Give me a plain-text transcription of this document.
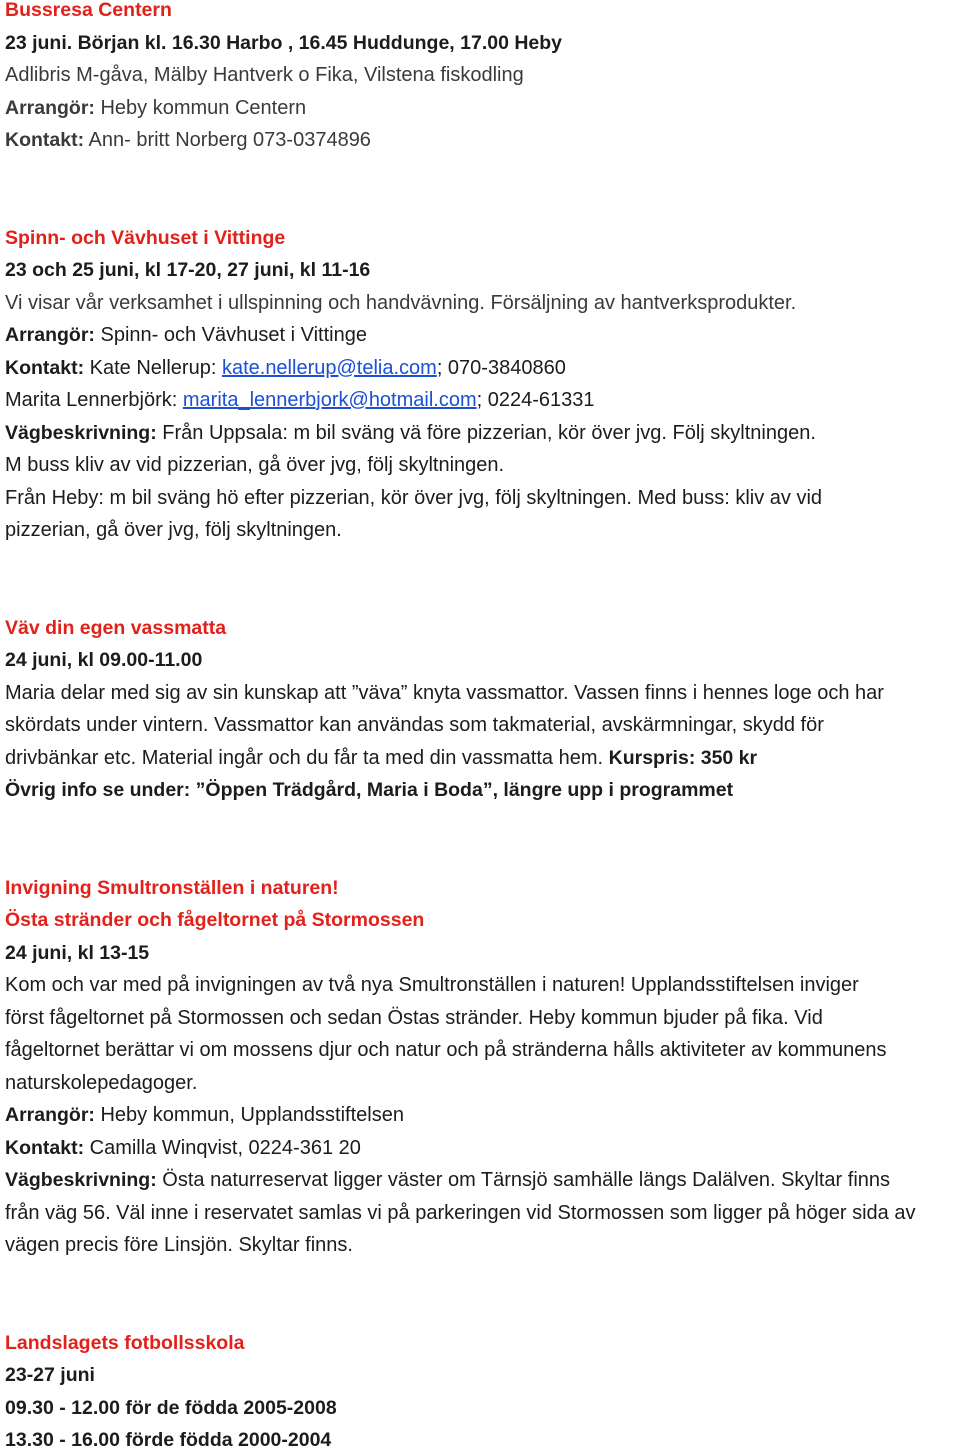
Bussresa Centern
23 juni. Början kl. 16.30 Harbo , 16.45 Huddunge, 17.00 Heby
Adlibris M-gåva, Mälby Hantverk o Fika, Vilstena fiskodling
Arrangör: Heby kommun Centern
Kontakt: Ann- britt Norberg 073-0374896
Spinn- och Vävhuset i Vittinge
23 och 25 juni, kl 17-20, 27 juni, kl 11-16
Vi visar vår verksamhet i ullspinning och handvävning. Försäljning av hantverksprodukter.
Arrangör: Spinn- och Vävhuset i Vittinge
Kontakt: Kate Nellerup: kate.nellerup@telia.com; 070-3840860
Marita Lennerbjörk: marita_lennerbjork@hotmail.com; 0224-61331
Vägbeskrivning: Från Uppsala: m bil sväng vä före pizzerian, kör över jvg. Följ skyltningen.
M buss kliv av vid pizzerian, gå över jvg, följ skyltningen.
Från Heby: m bil sväng hö efter pizzerian, kör över jvg, följ skyltningen. Med buss: kliv av vid
pizzerian, gå över jvg, följ skyltningen.
Väv din egen vassmatta
24 juni, kl 09.00-11.00
Maria delar med sig av sin kunskap att ”väva” knyta vassmattor. Vassen finns i hennes loge och har
skördats under vintern. Vassmattor kan användas som takmaterial, avskärmningar, skydd för
drivbänkar etc. Material ingår och du får ta med din vassmatta hem. Kurspris: 350 kr
Övrig info se under: ”Öppen Trädgård, Maria i Boda”, längre upp i programmet
Invigning Smultronställen i naturen!
Östa stränder och fågeltornet på Stormossen
24 juni, kl 13-15
Kom och var med på invigningen av två nya Smultronställen i naturen! Upplandsstiftelsen inviger
först fågeltornet på Stormossen och sedan Östas stränder. Heby kommun bjuder på fika. Vid
fågeltornet berättar vi om mossens djur och natur och på stränderna hålls aktiviteter av kommunens
naturskolepedagoger.
Arrangör: Heby kommun, Upplandsstiftelsen
Kontakt: Camilla Winqvist, 0224-361 20
Vägbeskrivning: Östa naturreservat ligger väster om Tärnsjö samhälle längs Dalälven. Skyltar finns
från väg 56. Väl inne i reservatet samlas vi på parkeringen vid Stormossen som ligger på höger sida av
vägen precis före Linsjön. Skyltar finns.
Landslagets fotbollsskola
23-27 juni
09.30 - 12.00 för de födda 2005-2008
13.30 - 16.00 förde födda 2000-2004
